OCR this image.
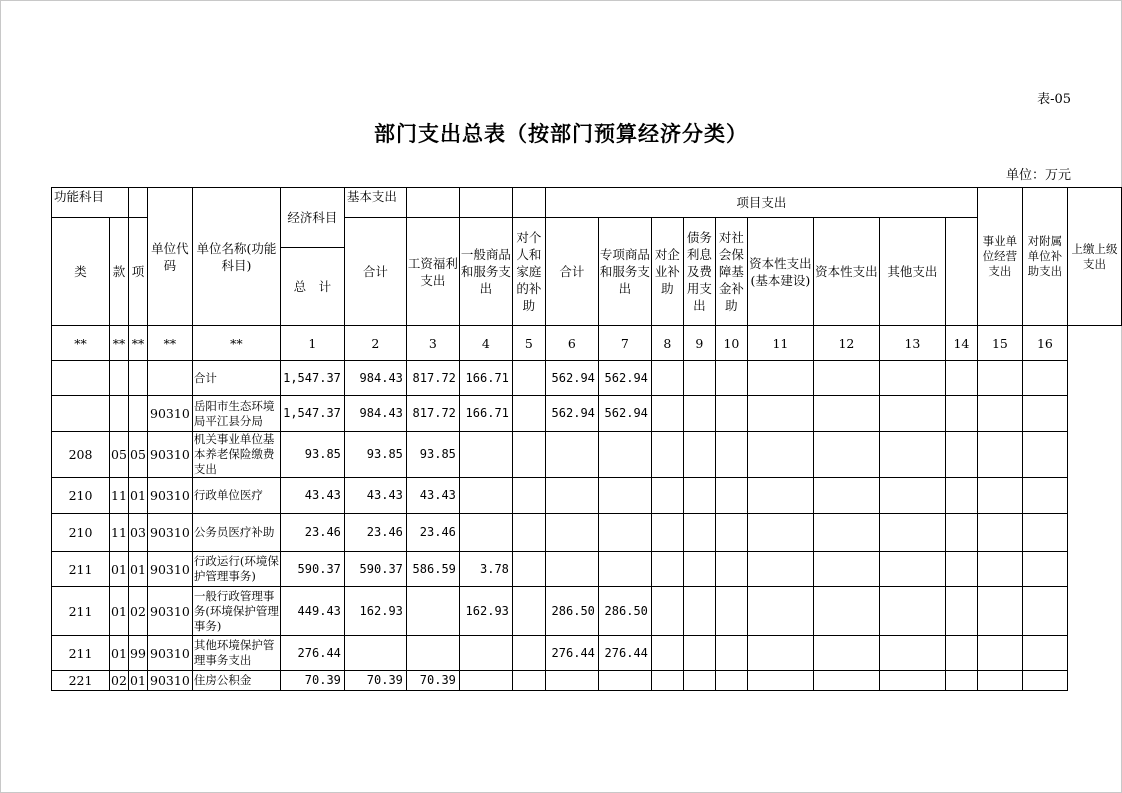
表-05
部门支出总表（按部门预算经济分类）
单位：万元
功能科目			单位代码	单位名称(功能科目)	经济科目	基本支出				项目支出									事业单位经营支出	对附属单位补助支出	上缴上级支出
类	款	项				合计	工资福利支出	一般商品和服务支出	对个人和家庭的补助	合计	专项商品和服务支出	对企业补助	债务利息及费用支出	对社会保障基金补助	资本性支出(基本建设)	资本性支出	其他支出				
					总　计																
**	**	**	**	**	1	2	3	4	5	6	7	8	9	10	11	12	13	14	15	16	
				合计	1,547.37	984.43	817.72	166.71		562.94	562.94										
			90310	岳阳市生态环境局平江县分局	1,547.37	984.43	817.72	166.71		562.94	562.94										
208	05	05	90310	机关事业单位基本养老保险缴费支出	93.85	93.85	93.85														
210	11	01	90310	行政单位医疗	43.43	43.43	43.43														
210	11	03	90310	公务员医疗补助	23.46	23.46	23.46														
211	01	01	90310	行政运行(环境保护管理事务)	590.37	590.37	586.59	3.78													
211	01	02	90310	一般行政管理事务(环境保护管理事务)	449.43	162.93		162.93		286.50	286.50										
211	01	99	90310	其他环境保护管理事务支出	276.44					276.44	276.44										
221	02	01	90310	住房公积金	70.39	70.39	70.39														
